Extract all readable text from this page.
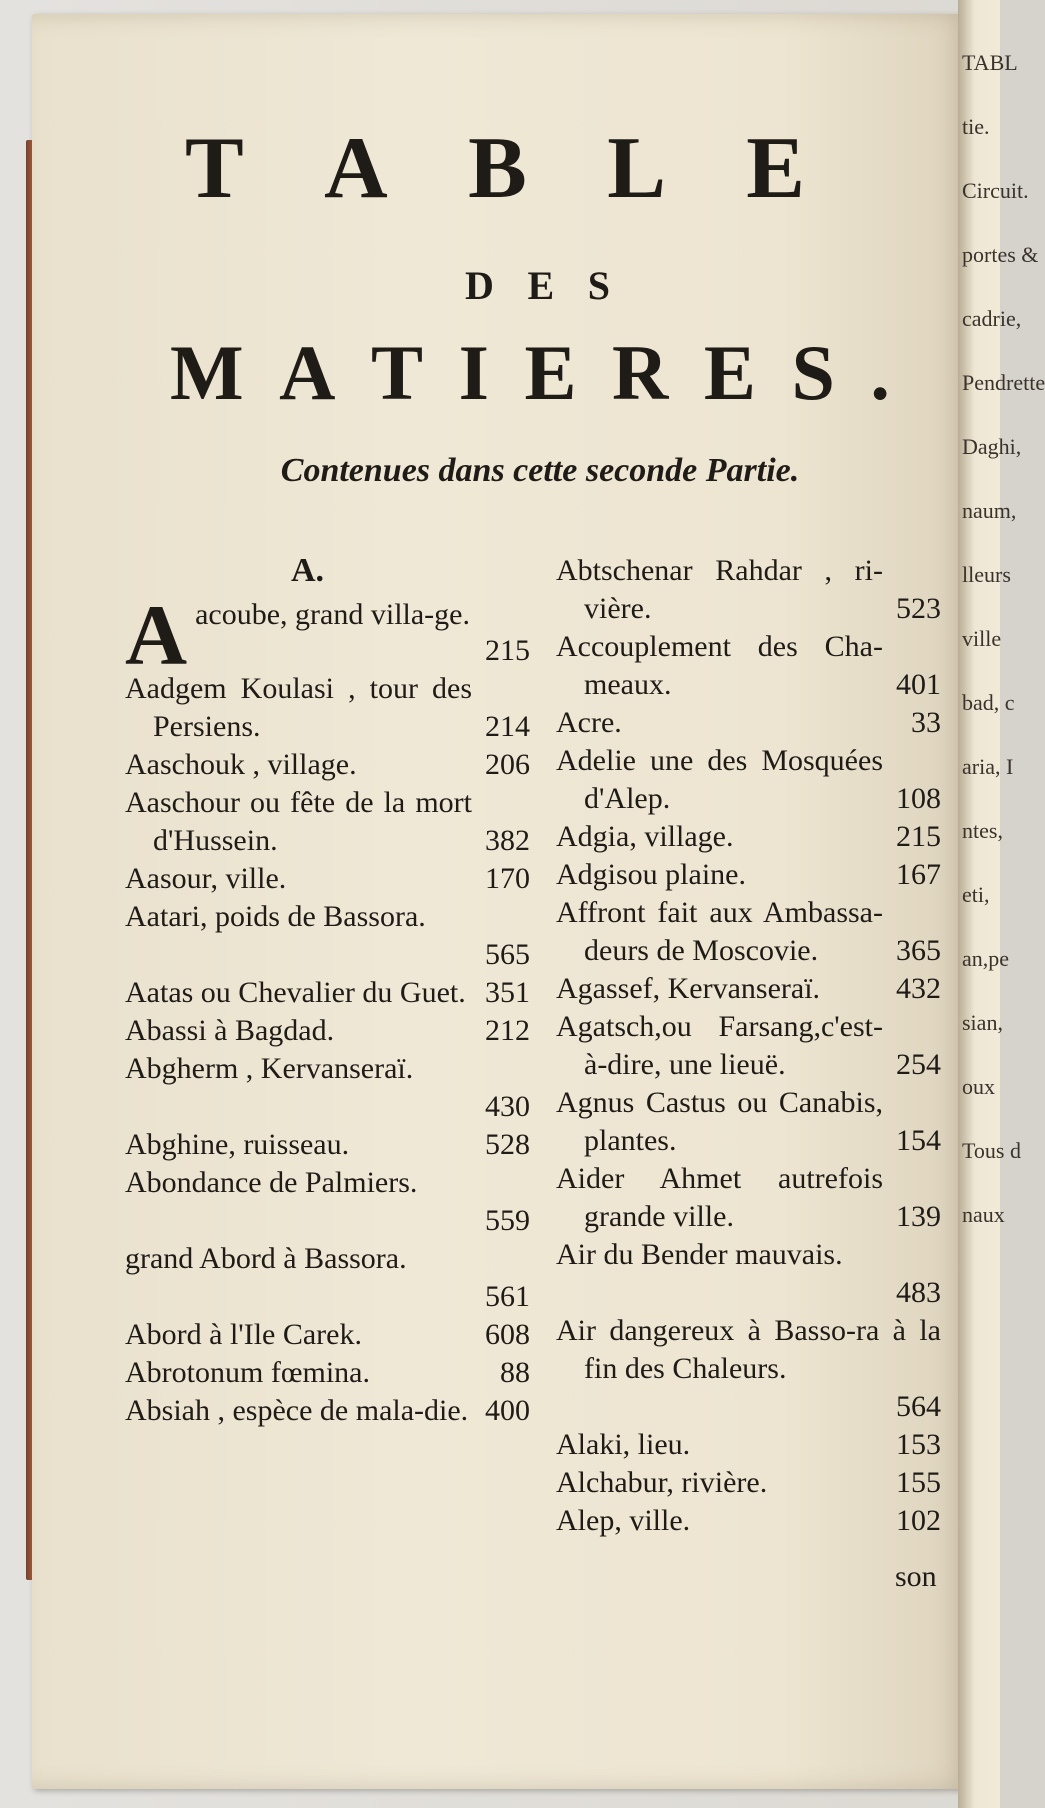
TABL
tie.
Circuit.
portes &
cadrie,
Pendrette
Daghi,
naum,
lleurs
ville
bad, c
aria, I
ntes,
eti,
an,pe
sian,
oux
Tous d
naux
T A B L E
D E S
M A T I E R E S .
Contenues dans cette seconde Partie.
A.
A acoube, grand villa-ge.
215
Aadgem Koulasi , tour des Persiens.	214
Aaschouk , village.	206
Aaschour ou fête de la mort d'Hussein.	382
Aasour, ville.	170
Aatari, poids de Bassora.
565
Aatas ou Chevalier du Guet. 351
Abassi à Bagdad.	212
Abgherm , Kervanseraï.
430
Abghine, ruisseau.	528
Abondance de Palmiers.
559
grand Abord à Bassora.
561
Abord à l'Ile Carek.	608
Abrotonum fœmina.	88
Absiah , espèce de mala-die. 400
Abtschenar Rahdar , ri-vière.	523
Accouplement des Cha-meaux.	401
Acre.	33
Adelie une des Mosquées d'Alep.	108
Adgia, village.	215
Adgisou plaine.	167
Affront fait aux Ambassa-deurs de Moscovie.	365
Agassef, Kervanseraï.	432
Agatsch,ou Farsang,c'est-à-dire, une lieuë.	254
Agnus Castus ou Canabis, plantes.	154
Aider Ahmet autrefois grande ville.	139
Air du Bender mauvais.
483
Air dangereux à Basso-ra à la fin des Chaleurs.
564
Alaki, lieu.	153
Alchabur, rivière.	155
Alep, ville.	102
son
